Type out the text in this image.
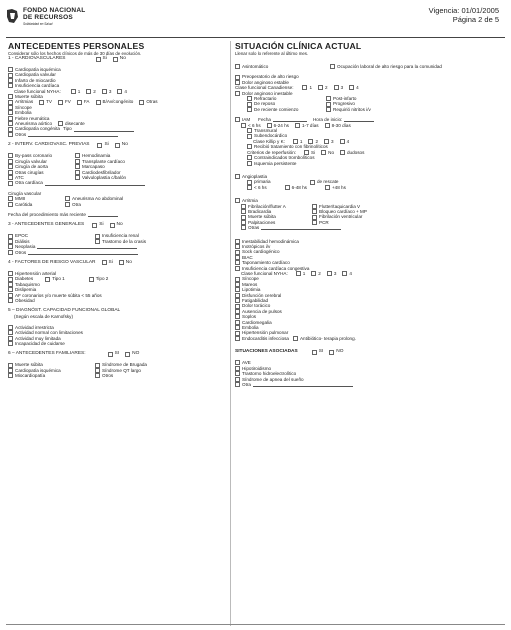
FONDO NACIONAL
DE RECURSOS
Solidaridad en Salud
Vigencia: 01/01/2005
Página 2 de 5
ANTECEDENTES PERSONALES

Considerar sólo los hechos clínicos de más de 30 días de evolución.

1 - CARDIOVASCULARES	Si	No
Cardiopatía isquémica
Cardiopatía valvular
Infarto de miocardio
Insuficiencia cardíaca
Clase funcional NYHA:	1	2	3	4
Muerte súbita
Arritmias	TV	FV	FA	B/Av/congénito	Otras
Síncope
Embolia
Fiebre reumática
Aneurisma aórtico	disecante
Cardiopatía congénita Tipo
Otros
2 - INTERV. CARDIOVASC. PREVIAS	Si	No
By-pass coronario	Hemodinamia
Cirugía valvular	Transplante cardíaco
Cirugía de aorta	Marcapaso
Otras cirugías	Cardiodesfibrilador
ATC	Valvuloplastia c/balón
Otra cardíaca
Cirugía vascular
MMII	Aneurisma Ao abdominal
Carótida	Otra
Fecha del procedimiento más reciente
3 - ANTECEDENTES GENERALES	Si	No
EPOC	Insuficiencia renal
Diálisis	Trastorno de la crasis
Neoplasia
Otros
4 - FACTORES DE RIESGO VASCULAR	Si	No
Hipertensión arterial
Diabetes	Tipo 1	Tipo 2
Tabaquismo
Dislipemia
AF coronarios y/o muerte súbita < 55 años
Obesidad
5 – DIAGNÓST. CAPACIDAD FUNCIONAL GLOBAL
(Según escala de Karnofsky)
Actividad irrestricta
Actividad normal con limitaciones
Actividad muy limitada
Incapacidad de cuidarse
6 – ANTECEDENTES FAMILIARES:	SI	NO
Muerte súbita	Síndrome de Brugada
Cardiopatía isquémica	Síndrome QT largo
Miocardiopatía	Otros
SITUACIÓN CLÍNICA ACTUAL

Llenar solo lo referente al último mes.

Asintomático	Ocupación laboral de alto riesgo para la comunidad
Preoperatorio de alto riesgo
Dolor anginoso estable
Clase funcional Canadiense:	1	2	3	4
Dolor anginoso inestable
Refractario	Post-infarto
De reposo	Progresivo
De reciente comienzo	Requirió nitritos i/v
IAM Fecha	Hora de inicio:
< 6 hs	6-24 hs	1-7 días	8-30 días
Transmural
Subendocárdico
Clase Killip y K:	1	2	3	4
Recibió tratamiento con fibrinolíticos
Criterios de reperfusión:	Si	No	dudosos
Contraindicados trombolíticos
Isquemia persistente
Angioplastia
primaria	de rescate
< 6 hs	6-48 hs	+48 hs
Arritmia
Fibrilación/flutter A	Flutter/taquicardia V
Bradicardia	Bloqueo cardíaco + MP
Muerte súbita	Fibrilación ventricular
Palpitaciones	PCR
Otras
Inestabilidad hemodinámica
Inotrópicos i/v
Sock cardiogénico
BIAC
Taponamiento cardíaco
Insuficiencia cardíaca congestiva
Clase funcional NYHA:	1	2	3	4
Síncope
Mareos
Lipotimia
Disfunción cerebral
Fatigabilidad
Dolor torácico
Ausencia de pulsos
Soplos
Cardiomegalia
Embolia
Hipertensión pulmonar
Endocarditis infecciosa Antibiótico- terapia prolong.
SITUACIONES ASOCIADAS	SI	NO
AVE
Hipotiroidismo
Trastorno hidroelectrolítico
Síndrome de apnea del sueño
Otra
